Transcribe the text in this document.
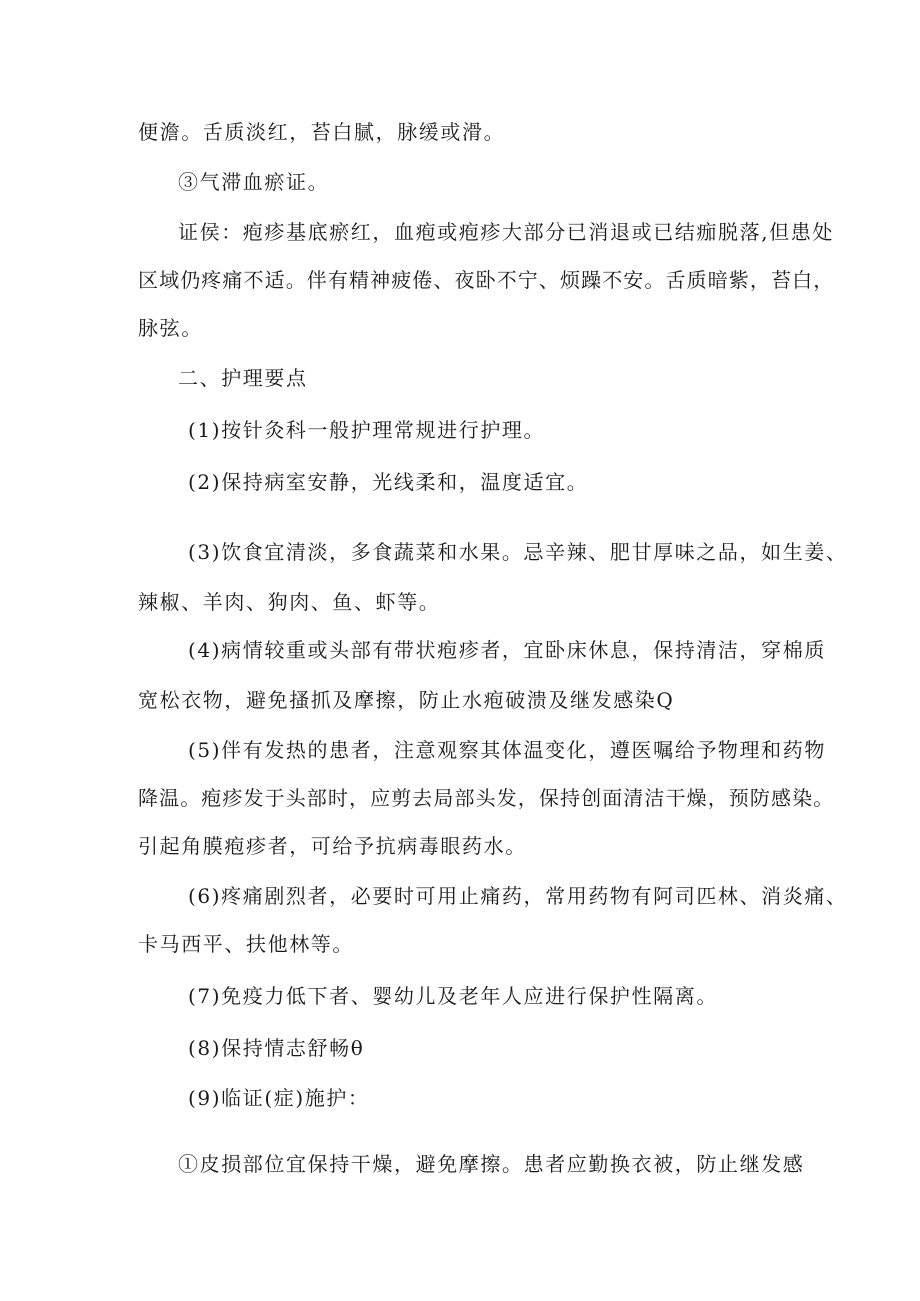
便澹。舌质淡红，苔白腻，脉缓或滑。
③气滞血瘀证。
证侯：疱疹基底瘀红，血疱或疱疹大部分已消退或已结痂脱落,但患处
区域仍疼痛不适。伴有精神疲倦、夜卧不宁、烦躁不安。舌质暗紫，苔白，
脉弦。
二、护理要点
(1)按针灸科一般护理常规进行护理。
(2)保持病室安静，光线柔和，温度适宜。
(3)饮食宜清淡，多食蔬菜和水果。忌辛辣、肥甘厚味之品，如生姜、
辣椒、羊肉、狗肉、鱼、虾等。
(4)病情较重或头部有带状疱疹者，宜卧床休息，保持清洁，穿棉质
宽松衣物，避免搔抓及摩擦，防止水疱破溃及继发感染Q
(5)伴有发热的患者，注意观察其体温变化，遵医嘱给予物理和药物
降温。疱疹发于头部时，应剪去局部头发，保持创面清洁干燥，预防感染。
引起角膜疱疹者，可给予抗病毒眼药水。
(6)疼痛剧烈者，必要时可用止痛药，常用药物有阿司匹林、消炎痛、
卡马西平、扶他林等。
(7)免疫力低下者、婴幼儿及老年人应进行保护性隔离。
(8)保持情志舒畅θ
(9)临证(症)施护：
①皮损部位宜保持干燥，避免摩擦。患者应勤换衣被，防止继发感
